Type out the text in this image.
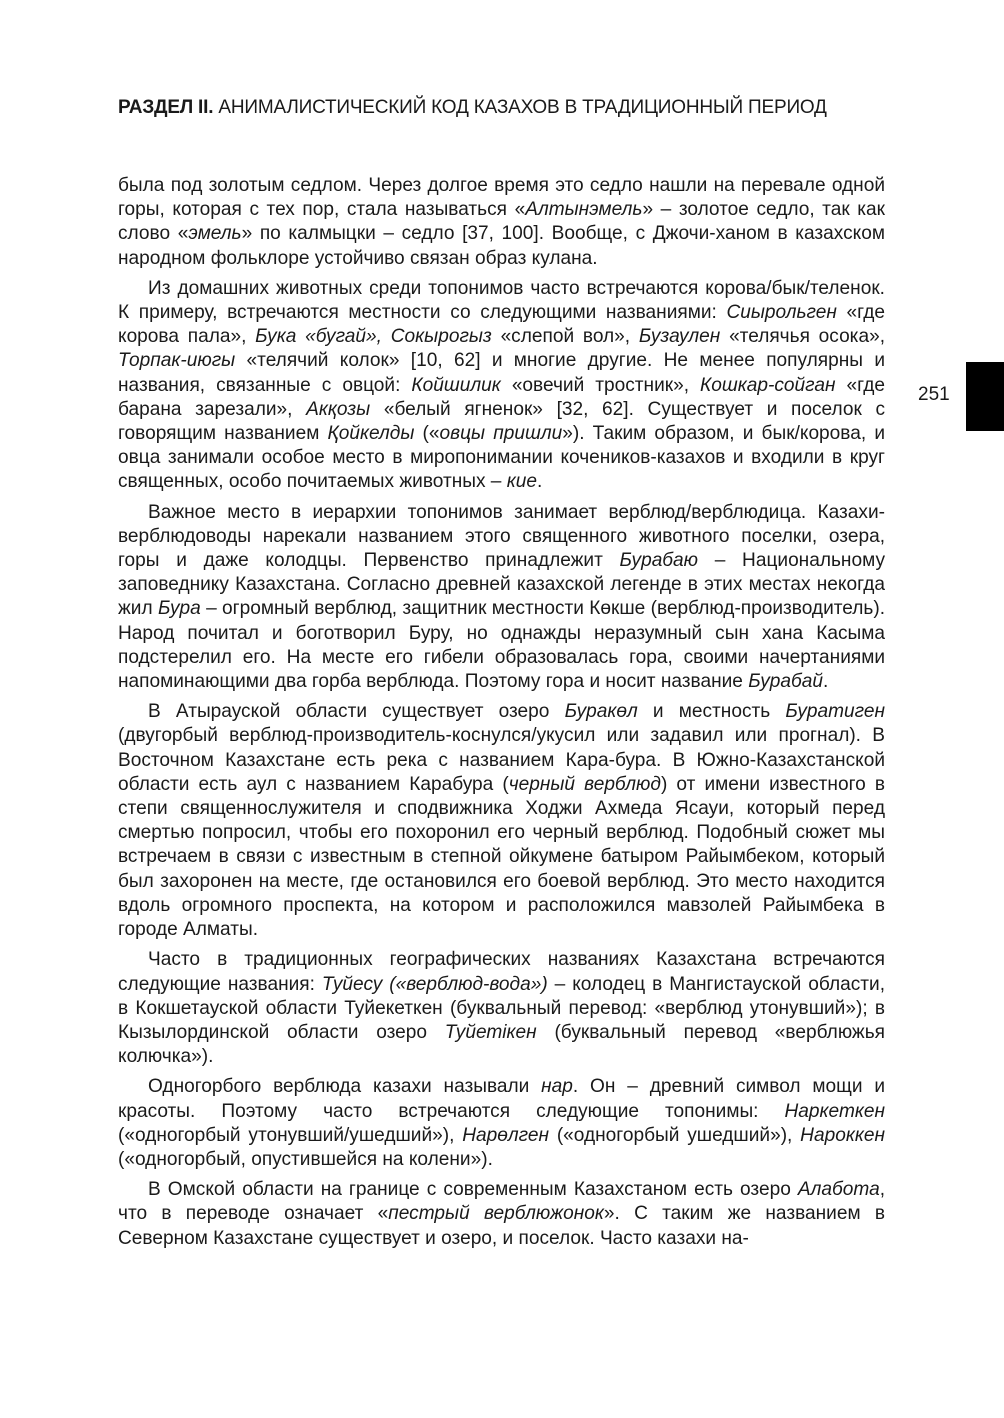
РАЗДЕЛ II. АНИМАЛИСТИЧЕСКИЙ КОД КАЗАХОВ В ТРАДИЦИОННЫЙ ПЕРИОД
251

была под золотым седлом. Через долгое время это седло нашли на перевале одной горы, которая с тех пор, стала называться «Алтынэмель» – золотое седло, так как слово «эмель» по калмыцки – седло [37, 100]. Вообще, с Джочи-ханом в казахском народном фольклоре устойчиво связан образ кулана.

Из домашних животных среди топонимов часто встречаются корова/бык/теленок. К примеру, встречаются местности со следующими названиями: Сиырольген «где корова пала», Бука «бугай», Сокырогыз «слепой вол», Бузаулен «телячья осока», Торпак-июгы «телячий колок» [10, 62] и многие другие. Не менее популярны и названия, связанные с овцой: Койшилик «овечий тростник», Кошкар-сойган «где барана зарезали», Акқозы «белый ягненок» [32, 62]. Существует и поселок с говорящим названием Қойкелды («овцы пришли»). Таким образом, и бык/корова, и овца занимали особое место в миропонимании кочеников-казахов и входили в круг священных, особо почитаемых животных – кие.

Важное место в иерархии топонимов занимает верблюд/верблюдица. Казахи-верблюдоводы нарекали названием этого священного животного поселки, озера, горы и даже колодцы. Первенство принадлежит Бурабаю – Национальному заповеднику Казахстана. Согласно древней казахской легенде в этих местах некогда жил Бура – огромный верблюд, защитник местности Көкше (верблюд-производитель). Народ почитал и боготворил Буру, но однажды неразумный сын хана Касыма подстерелил его. На месте его гибели образовалась гора, своими начертаниями напоминающими два горба верблюда. Поэтому гора и носит название Бурабай.

В Атырауской области существует озеро Буракөл и местность Буратиген (двугорбый верблюд-производитель-коснулся/укусил или задавил или прогнал). В Восточном Казахстане есть река с названием Кара-бура. В Южно-Казахстанской области есть аул с названием Карабура (черный верблюд) от имени известного в степи священнослужителя и сподвижника Ходжи Ахмеда Ясауи, который перед смертью попросил, чтобы его похоронил его черный верблюд. Подобный сюжет мы встречаем в связи с известным в степной ойкумене батыром Райымбеком, который был захоронен на месте, где остановился его боевой верблюд. Это место находится вдоль огромного проспекта, на котором и расположился мавзолей Райымбека в городе Алматы.

Часто в традиционных географических названиях Казахстана встречаются следующие названия: Туйесу («верблюд-вода») – колодец в Мангистауской области, в Кокшетауской области Туйекеткен (буквальный перевод: «верблюд утонувший»); в Кызылординской области озеро Туйетiкен (буквальный перевод «верблюжья колючка»).

Одногорбого верблюда казахи называли нар. Он – древний символ мощи и красоты. Поэтому часто встречаются следующие топонимы: Наркеткен («одногорбый утонувший/ушедший»), Нарөлген («одногорбый ушедший»), Нароккен («одногорбый, опустившейся на колени»).

В Омской области на границе с современным Казахстаном есть озеро Алабота, что в переводе означает «пестрый верблюжонок». С таким же названием в Северном Казахстане существует и озеро, и поселок. Часто казахи на-
